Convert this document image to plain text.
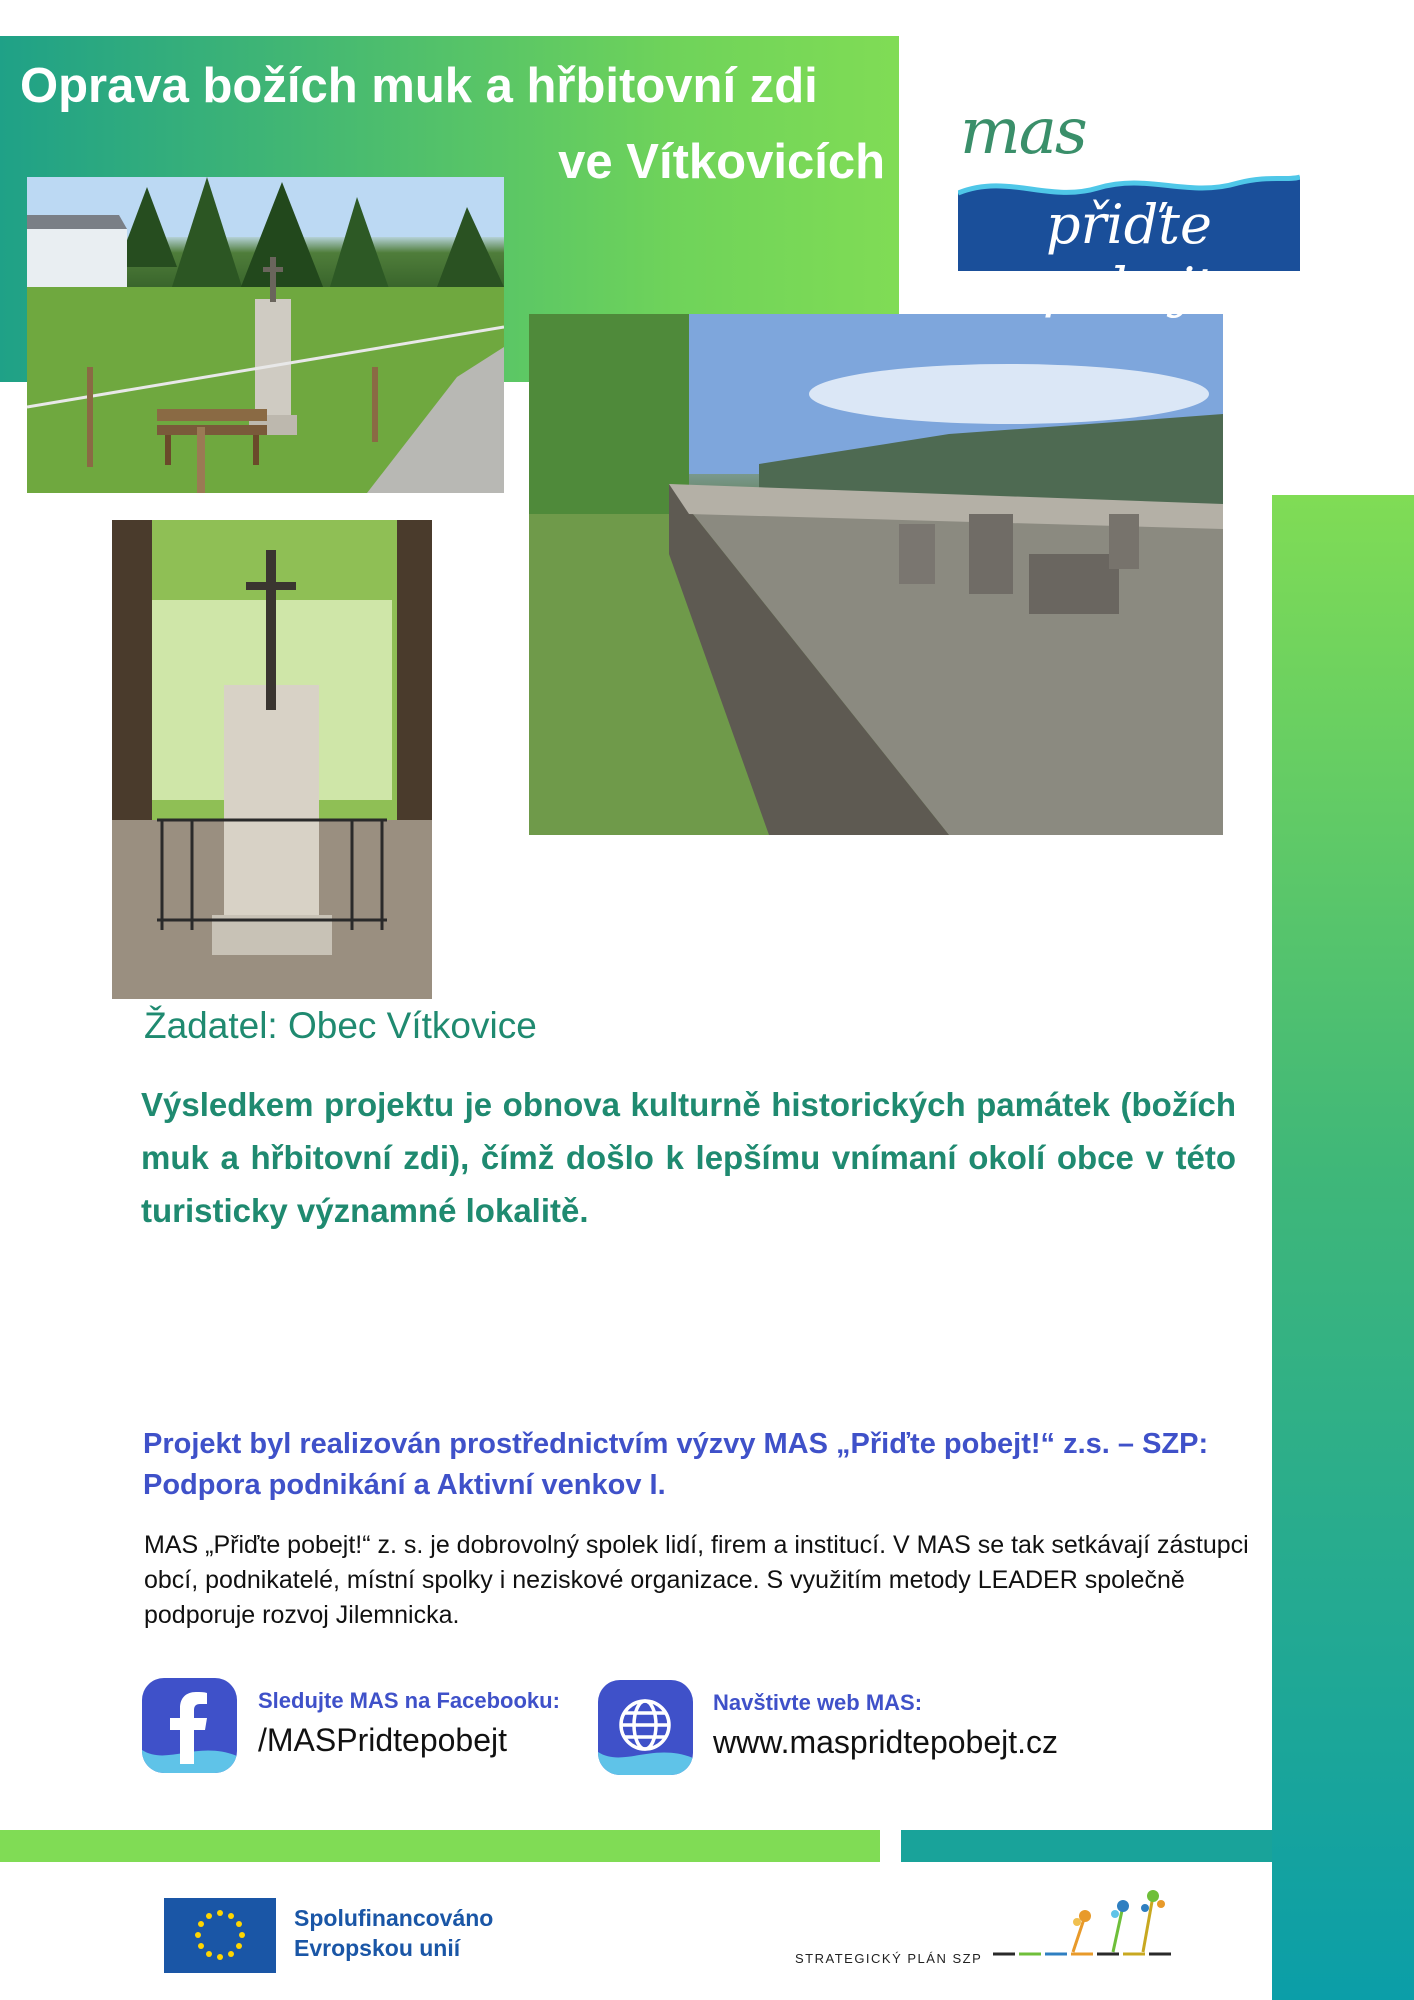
Oprava božích muk a hřbitovní zdi
ve Vítkovicích mas
přiďte pobejt
Žadatel: Obec Vítkovice

Výsledkem projektu je obnova kulturně historických památek (božích muk a hřbitovní zdi), čímž došlo k lepšímu vnímaní okolí obce v této turisticky významné lokalitě.

Projekt byl realizován prostřednictvím výzvy MAS „Přiďte pobejt!“ z.s. – SZP: Podpora podnikání a Aktivní venkov I.

MAS „Přiďte pobejt!“ z. s. je dobrovolný spolek lidí, firem a institucí. V MAS se tak setkávají zástupci obcí, podnikatelé, místní spolky i neziskové organizace. S využitím metody LEADER společně podporuje rozvoj Jilemnicka.

Sledujte MAS na Facebooku:
/MASPridtepobejt
Navštivte web MAS:
www.maspridtepobejt.cz
Spolufinancováno
Evropskou unií	STRATEGICKÝ PLÁN SZP
